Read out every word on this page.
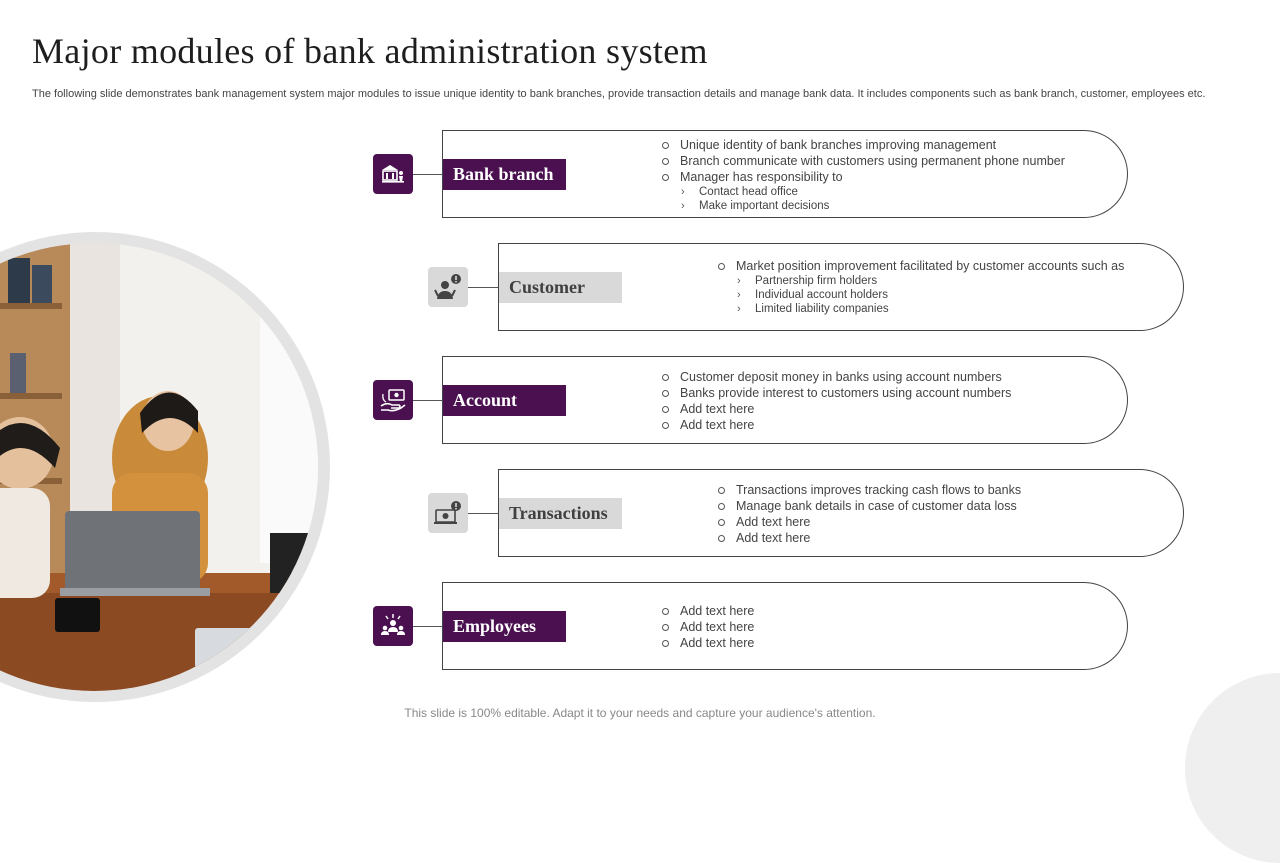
Major modules of bank administration system

The following slide demonstrates bank management system major modules to issue unique identity to bank branches, provide transaction details and manage bank data. It includes components such as bank branch, customer, employees etc.

Bank branch
Unique identity of bank branches improving management
Branch communicate with customers using permanent phone number
Manager has responsibility to
› Contact head office
› Make important decisions
Customer
Market position improvement facilitated by customer accounts such as
› Partnership firm holders
› Individual account holders
› Limited liability companies
Account
Customer deposit money in banks using account numbers
Banks provide interest to customers using account numbers
Add text here
Add text here
Transactions
Transactions improves tracking cash flows to banks
Manage bank details in case of customer data loss
Add text here
Add text here
Employees
Add text here
Add text here
Add text here
This slide is 100% editable. Adapt it to your needs and capture your audience's attention.
